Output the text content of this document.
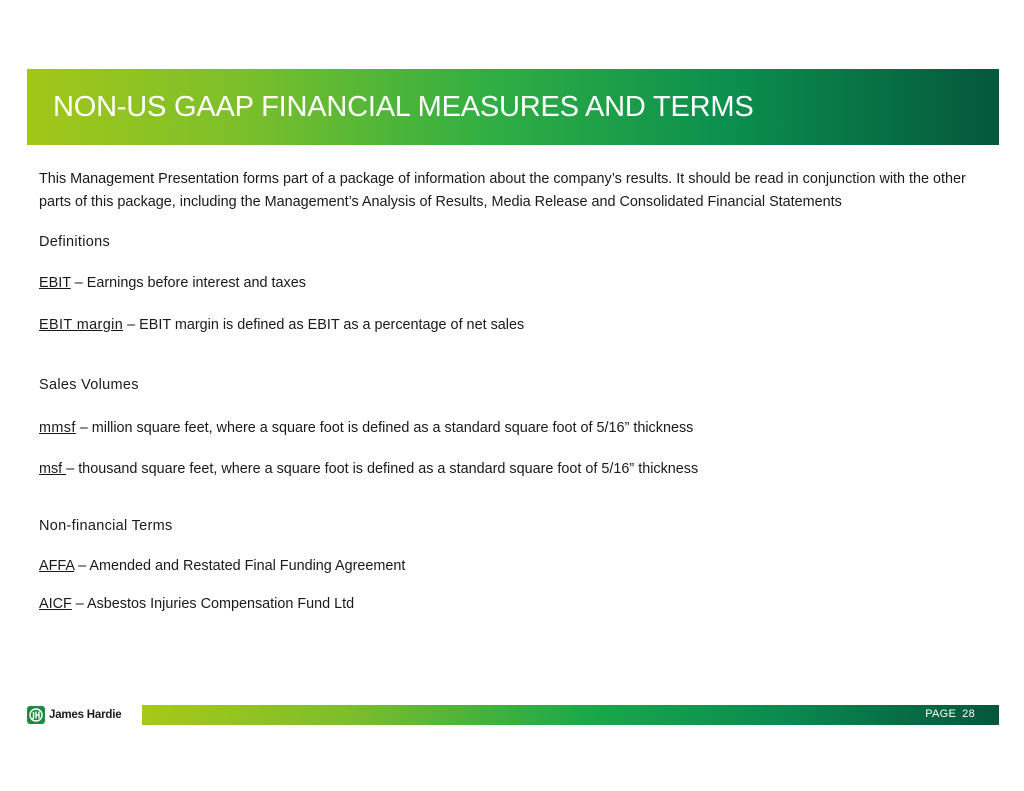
NON-US GAAP FINANCIAL MEASURES AND TERMS

This Management Presentation forms part of a package of information about the company’s results. It should be read in conjunction with the other parts of this package, including the Management’s Analysis of Results, Media Release and Consolidated Financial Statements

Definitions
EBIT – Earnings before interest and taxes
EBIT margin – EBIT margin is defined as EBIT as a percentage of net sales
Sales Volumes
mmsf – million square feet, where a square foot is defined as a standard square foot of 5/16” thickness
msf – thousand square feet, where a square foot is defined as a standard square foot of 5/16” thickness
Non-financial Terms
AFFA – Amended and Restated Final Funding Agreement
AICF – Asbestos Injuries Compensation Fund Ltd
James Hardie	PAGE 28
